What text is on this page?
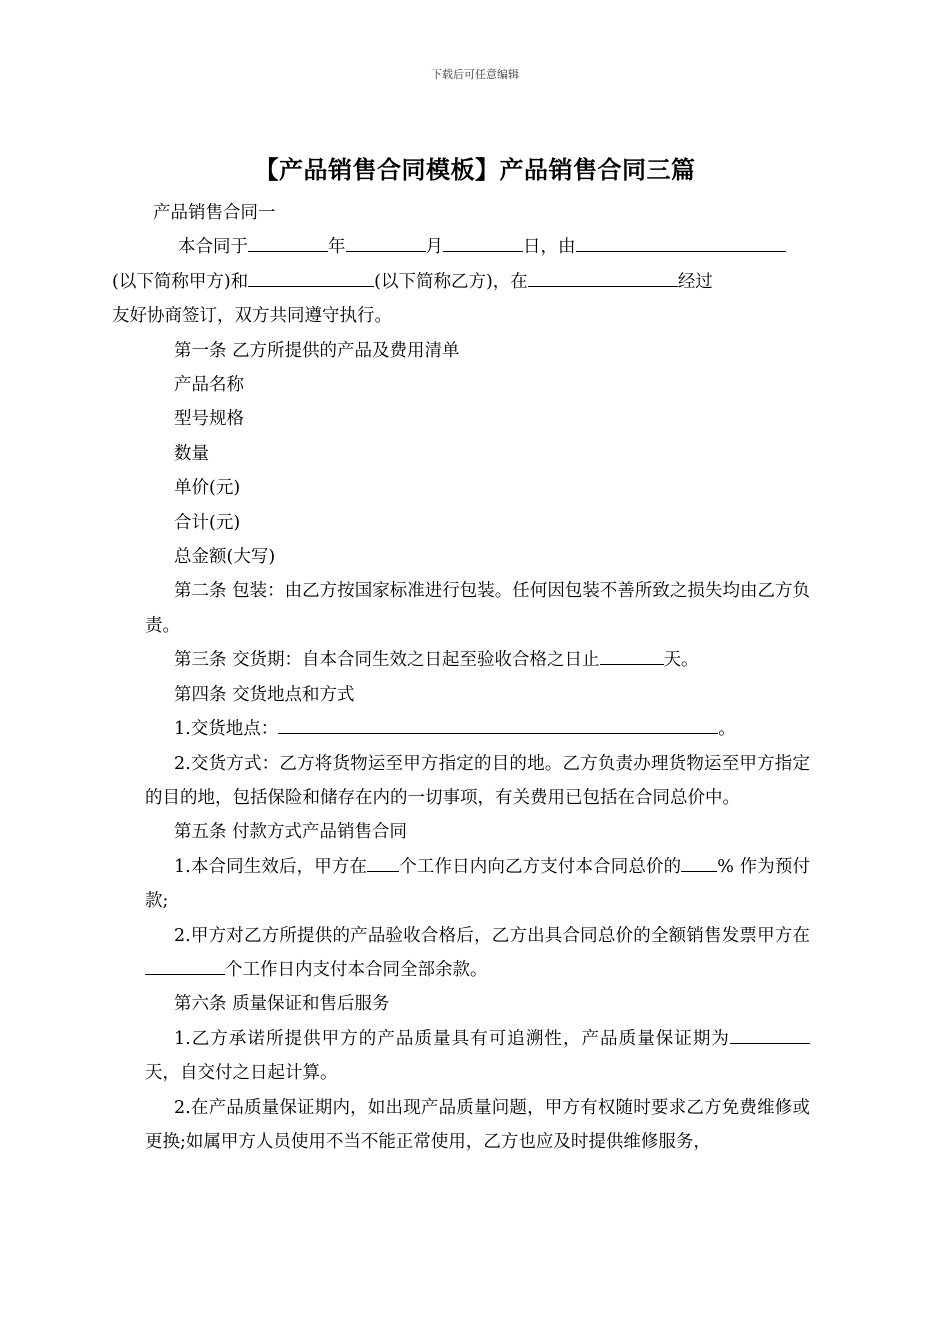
下载后可任意编辑
【产品销售合同模板】产品销售合同三篇

产品销售合同一

本合同于	年	月	日，由
(以下简称甲方)和	(以下简称乙方)，在	经过
友好协商签订，双方共同遵守执行。

第一条 乙方所提供的产品及费用清单

产品名称

型号规格

数量

单价(元)

合计(元)

总金额(大写)

第二条 包装：由乙方按国家标准进行包装。任何因包装不善所致之损失均由乙方负责。

第三条 交货期：自本合同生效之日起至验收合格之日止	天。

第四条 交货地点和方式

1.交货地点：	。

2.交货方式：乙方将货物运至甲方指定的目的地。乙方负责办理货物运至甲方指定的目的地，包括保险和储存在内的一切事项，有关费用已包括在合同总价中。

第五条 付款方式产品销售合同

1.本合同生效后，甲方在 个工作日内向乙方支付本合同总价的 % 作为预付款;

2.甲方对乙方所提供的产品验收合格后，乙方出具合同总价的全额销售发票甲方在个工作日内支付本合同全部余款。

第六条 质量保证和售后服务

1.乙方承诺所提供甲方的产品质量具有可追溯性，产品质量保证期为天，自交付之日起计算。

2.在产品质量保证期内，如出现产品质量问题，甲方有权随时要求乙方免费维修或更换;如属甲方人员使用不当不能正常使用，乙方也应及时提供维修服务，
